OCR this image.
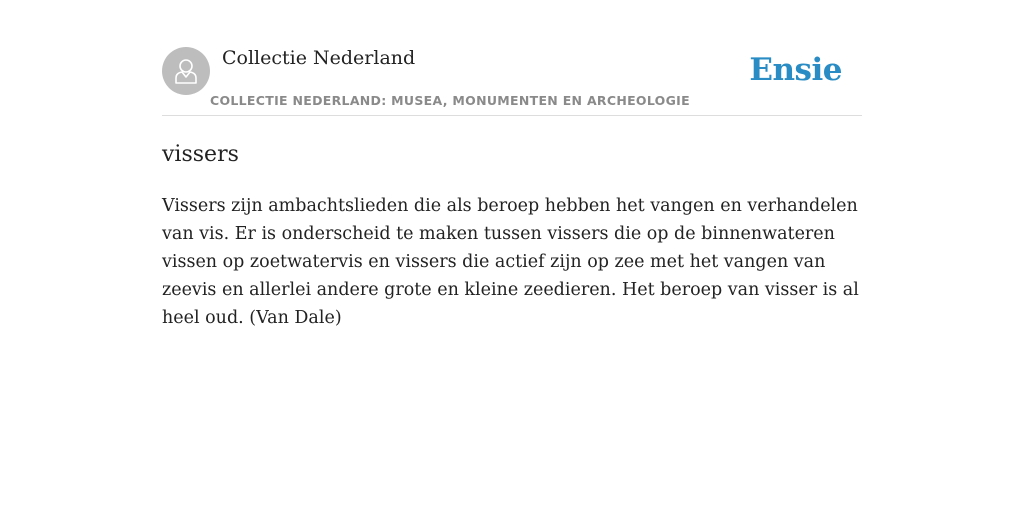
Collectie Nederland
COLLECTIE NEDERLAND: MUSEA, MONUMENTEN EN ARCHEOLOGIE
Ensie
vissers

Vissers zijn ambachtslieden die als beroep hebben het vangen en verhandelen van vis. Er is onderscheid te maken tussen vissers die op de binnenwateren vissen op zoetwatervis en vissers die actief zijn op zee met het vangen van zeevis en allerlei andere grote en kleine zeedieren. Het beroep van visser is al heel oud. (Van Dale)
